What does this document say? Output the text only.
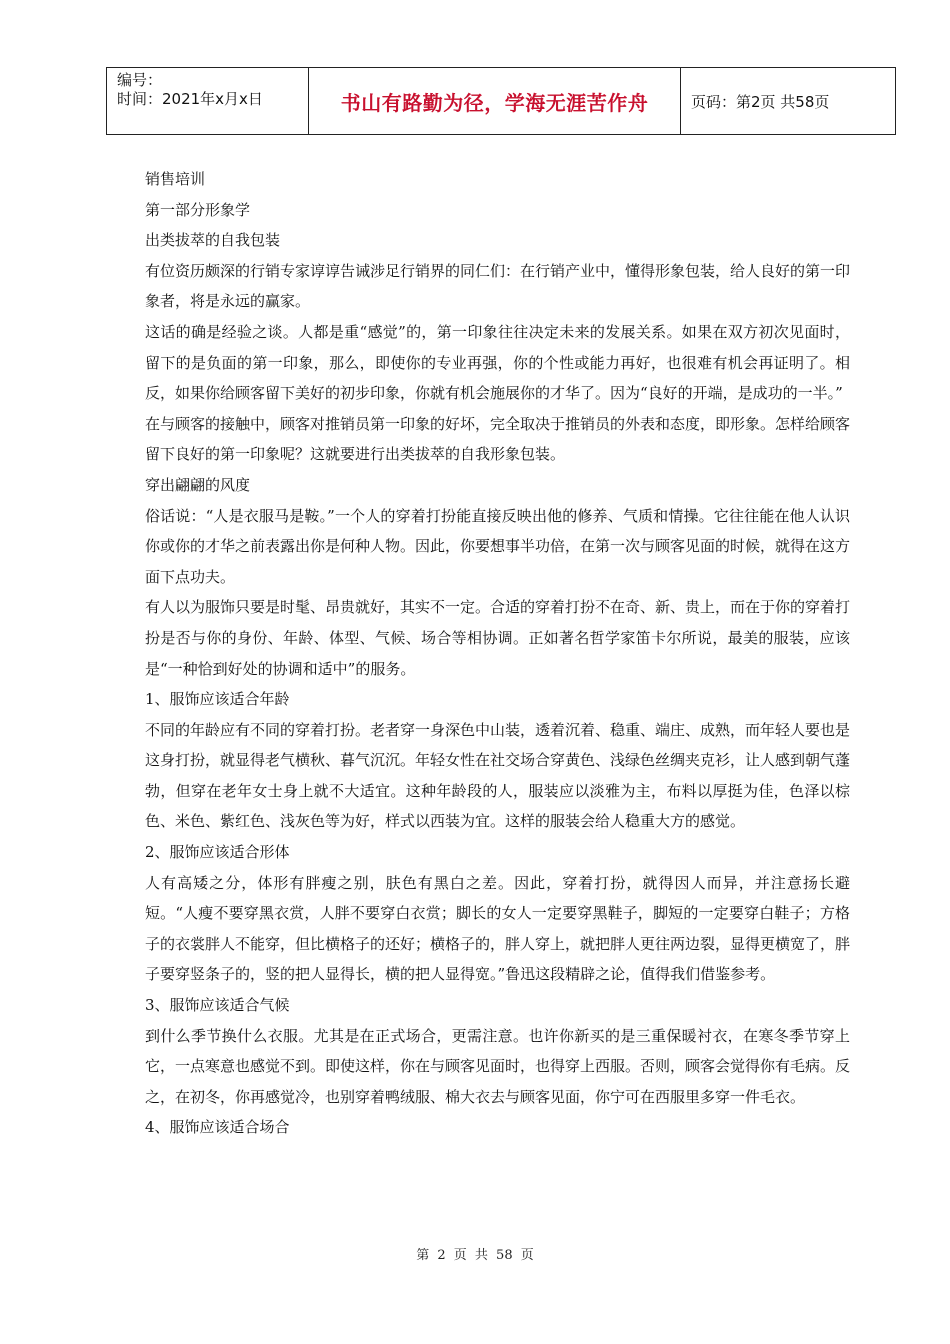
编号：
时间：2021年x月x日	书山有路勤为径，学海无涯苦作舟	页码：第2页 共58页

销售培训

第一部分形象学

出类拔萃的自我包装

有位资历颇深的行销专家谆谆告诫涉足行销界的同仁们：在行销产业中，懂得形象包装，给人良好的第一印象者，将是永远的赢家。

这话的确是经验之谈。人都是重“感觉”的，第一印象往往决定未来的发展关系。如果在双方初次见面时，留下的是负面的第一印象，那么，即使你的专业再强，你的个性或能力再好，也很难有机会再证明了。相反，如果你给顾客留下美好的初步印象，你就有机会施展你的才华了。因为“良好的开端，是成功的一半。”

在与顾客的接触中，顾客对推销员第一印象的好坏，完全取决于推销员的外表和态度，即形象。怎样给顾客留下良好的第一印象呢？这就要进行出类拔萃的自我形象包装。

穿出翩翩的风度

俗话说：“人是衣服马是鞍。”一个人的穿着打扮能直接反映出他的修养、气质和情操。它往往能在他人认识你或你的才华之前表露出你是何种人物。因此，你要想事半功倍，在第一次与顾客见面的时候，就得在这方面下点功夫。

有人以为服饰只要是时髦、昂贵就好，其实不一定。合适的穿着打扮不在奇、新、贵上，而在于你的穿着打扮是否与你的身份、年龄、体型、气候、场合等相协调。正如著名哲学家笛卡尔所说，最美的服装，应该是“一种恰到好处的协调和适中”的服务。

1、服饰应该适合年龄

不同的年龄应有不同的穿着打扮。老者穿一身深色中山装，透着沉着、稳重、端庄、成熟，而年轻人要也是这身打扮，就显得老气横秋、暮气沉沉。年轻女性在社交场合穿黄色、浅绿色丝绸夹克衫，让人感到朝气蓬勃，但穿在老年女士身上就不大适宜。这种年龄段的人，服装应以淡雅为主，布料以厚挺为佳，色泽以棕色、米色、紫红色、浅灰色等为好，样式以西装为宜。这样的服装会给人稳重大方的感觉。

2、服饰应该适合形体

人有高矮之分，体形有胖瘦之别，肤色有黑白之差。因此，穿着打扮，就得因人而异，并注意扬长避短。“人瘦不要穿黑衣赏，人胖不要穿白衣赏；脚长的女人一定要穿黑鞋子，脚短的一定要穿白鞋子；方格子的衣裳胖人不能穿，但比横格子的还好；横格子的，胖人穿上，就把胖人更往两边裂，显得更横宽了，胖子要穿竖条子的，竖的把人显得长，横的把人显得宽。”鲁迅这段精辟之论，值得我们借鉴参考。

3、服饰应该适合气候

到什么季节换什么衣服。尤其是在正式场合，更需注意。也许你新买的是三重保暖衬衣，在寒冬季节穿上它，一点寒意也感觉不到。即使这样，你在与顾客见面时，也得穿上西服。否则，顾客会觉得你有毛病。反之，在初冬，你再感觉冷，也别穿着鸭绒服、棉大衣去与顾客见面，你宁可在西服里多穿一件毛衣。

4、服饰应该适合场合

第 2 页 共 58 页
